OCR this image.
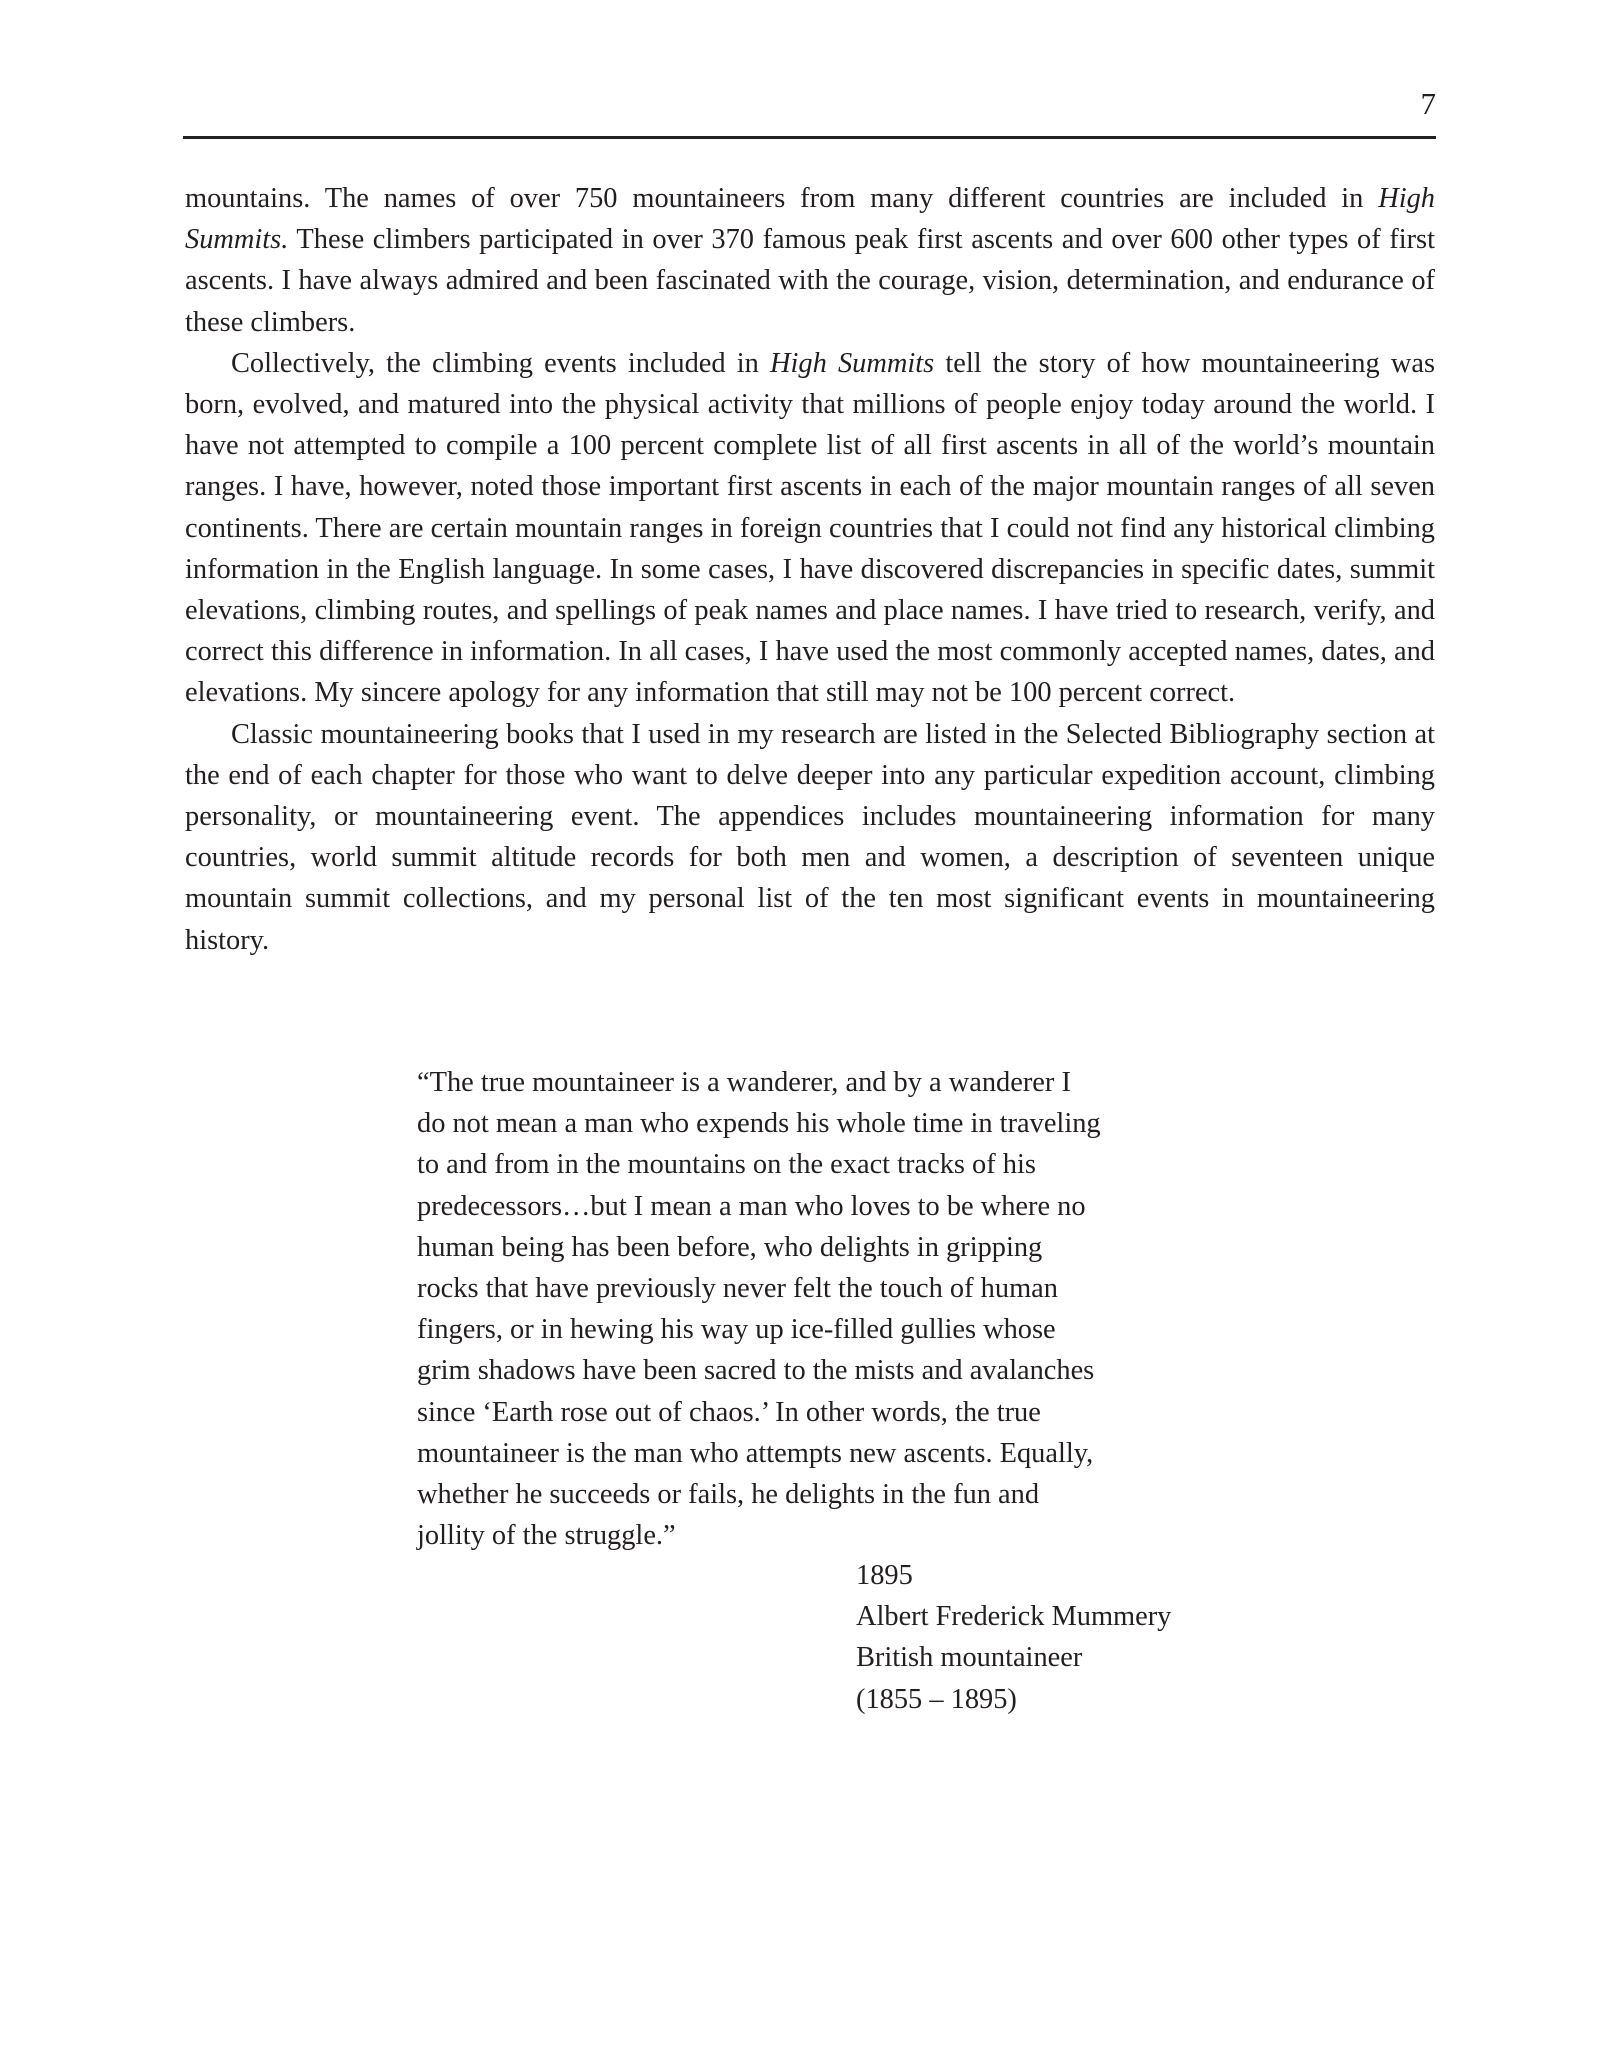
7

mountains. The names of over 750 mountaineers from many different countries are included in High Summits. These climbers participated in over 370 famous peak first ascents and over 600 other types of first ascents. I have always admired and been fascinated with the courage, vision, determination, and endurance of these climbers.

Collectively, the climbing events included in High Summits tell the story of how mountaineering was born, evolved, and matured into the physical activity that millions of people enjoy today around the world. I have not attempted to compile a 100 percent complete list of all first ascents in all of the world’s mountain ranges. I have, however, noted those important first ascents in each of the major mountain ranges of all seven continents. There are certain mountain ranges in foreign countries that I could not find any historical climbing information in the English language. In some cases, I have discovered discrepancies in specific dates, summit elevations, climbing routes, and spellings of peak names and place names. I have tried to research, verify, and correct this difference in information. In all cases, I have used the most commonly accepted names, dates, and elevations. My sincere apology for any information that still may not be 100 percent correct.

Classic mountaineering books that I used in my research are listed in the Selected Bibliography section at the end of each chapter for those who want to delve deeper into any particular expedition account, climbing personality, or mountaineering event. The appendices includes mountaineering information for many countries, world summit altitude records for both men and women, a description of seventeen unique mountain summit collections, and my personal list of the ten most significant events in mountaineering history.

“The true mountaineer is a wanderer, and by a wanderer I
do not mean a man who expends his whole time in traveling
to and from in the mountains on the exact tracks of his
predecessors…but I mean a man who loves to be where no
human being has been before, who delights in gripping
rocks that have previously never felt the touch of human
fingers, or in hewing his way up ice-filled gullies whose
grim shadows have been sacred to the mists and avalanches
since ‘Earth rose out of chaos.’ In other words, the true
mountaineer is the man who attempts new ascents. Equally,
whether he succeeds or fails, he delights in the fun and
jollity of the struggle.”
1895
Albert Frederick Mummery
British mountaineer
(1855 – 1895)
